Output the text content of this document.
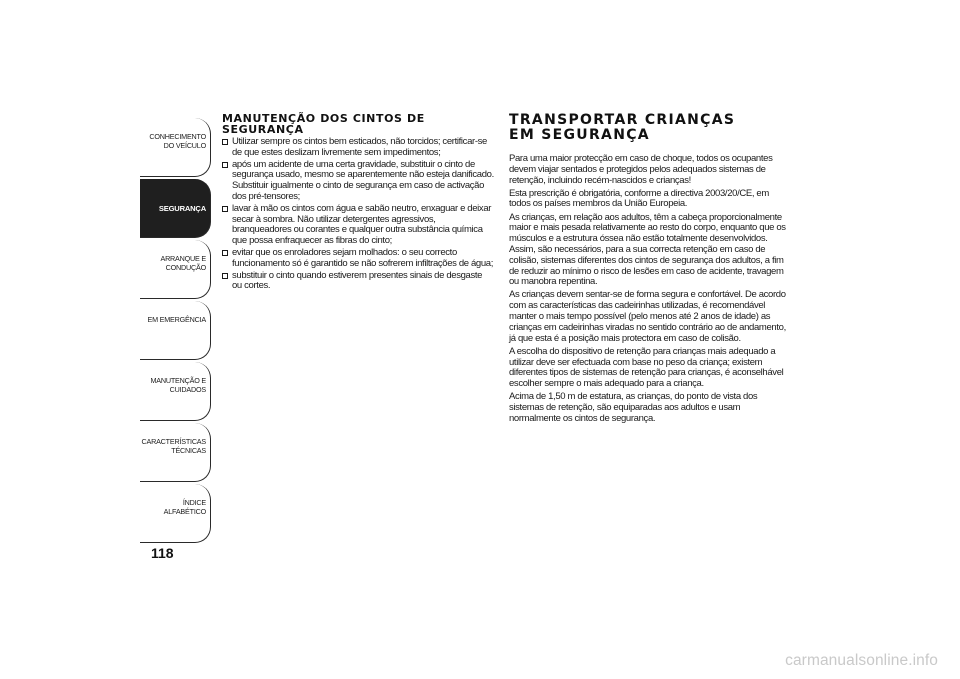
CONHECIMENTO DO VEÍCULO
SEGURANÇA
ARRANQUE E CONDUÇÃO
EM EMERGÊNCIA
MANUTENÇÃO E CUIDADOS
CARACTERÍSTICAS TÉCNICAS
ÍNDICE ALFABÉTICO
118
MANUTENÇÃO DOS CINTOS DE SEGURANÇA
Utilizar sempre os cintos bem esticados, não torcidos; certificar-se de que estes deslizam livremente sem impedimentos;
após um acidente de uma certa gravidade, substituir o cinto de segurança usado, mesmo se aparentemente não esteja danificado. Substituir igualmente o cinto de segurança em caso de activação dos pré-tensores;
lavar à mão os cintos com água e sabão neutro, enxaguar e deixar secar à sombra. Não utilizar detergentes agressivos, branqueadores ou corantes e qualquer outra substância química que possa enfraquecer as fibras do cinto;
evitar que os enroladores sejam molhados: o seu correcto funcionamento só é garantido se não sofrerem infiltrações de água;
substituir o cinto quando estiverem presentes sinais de desgaste ou cortes.
TRANSPORTAR CRIANÇAS
EM SEGURANÇA

Para uma maior protecção em caso de choque, todos os ocupantes devem viajar sentados e protegidos pelos adequados sistemas de retenção, incluindo recém-nascidos e crianças!

Esta prescrição é obrigatória, conforme a directiva 2003/20/CE, em todos os países membros da União Europeia.

As crianças, em relação aos adultos, têm a cabeça proporcionalmente maior e mais pesada relativamente ao resto do corpo, enquanto que os músculos e a estrutura óssea não estão totalmente desenvolvidos. Assim, são necessários, para a sua correcta retenção em caso de colisão, sistemas diferentes dos cintos de segurança dos adultos, a fim de reduzir ao mínimo o risco de lesões em caso de acidente, travagem ou manobra repentina.

As crianças devem sentar-se de forma segura e confortável. De acordo com as características das cadeirinhas utilizadas, é recomendável manter o mais tempo possível (pelo menos até 2 anos de idade) as crianças em cadeirinhas viradas no sentido contrário ao de andamento, já que esta é a posição mais protectora em caso de colisão.

A escolha do dispositivo de retenção para crianças mais adequado a utilizar deve ser efectuada com base no peso da criança; existem diferentes tipos de sistemas de retenção para crianças, é aconselhável escolher sempre o mais adequado para a criança.

Acima de 1,50 m de estatura, as crianças, do ponto de vista dos sistemas de retenção, são equiparadas aos adultos e usam normalmente os cintos de segurança.

carmanualsonline.info
